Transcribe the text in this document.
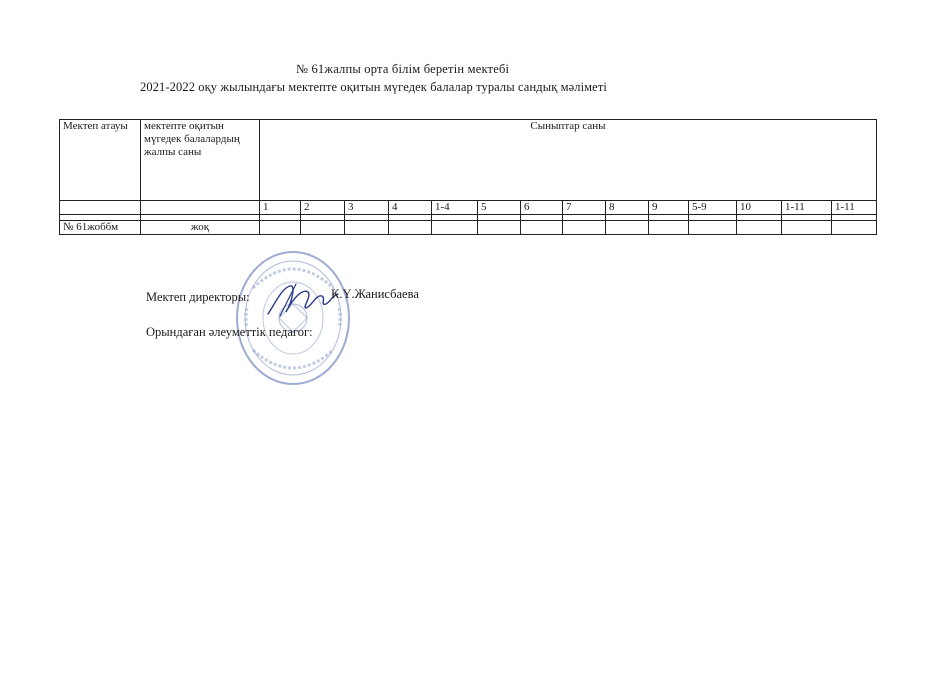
№ 61жалпы орта білім беретін мектебі
2021-2022 оқу жылындағы мектепте оқитын мүгедек балалар туралы сандық мәліметі
Мектеп атауы	мектепте оқитын мүгедек балалардың жалпы саны	Сыныптар саны													
		1	2	3	4	1-4	5	6	7	8	9	5-9	10	1-11	1-11

№ 61жоббм	жоқ														
Мектеп директоры:	К.Ү.Жанисбаева
Орындаған әлеуметтік педагог:
